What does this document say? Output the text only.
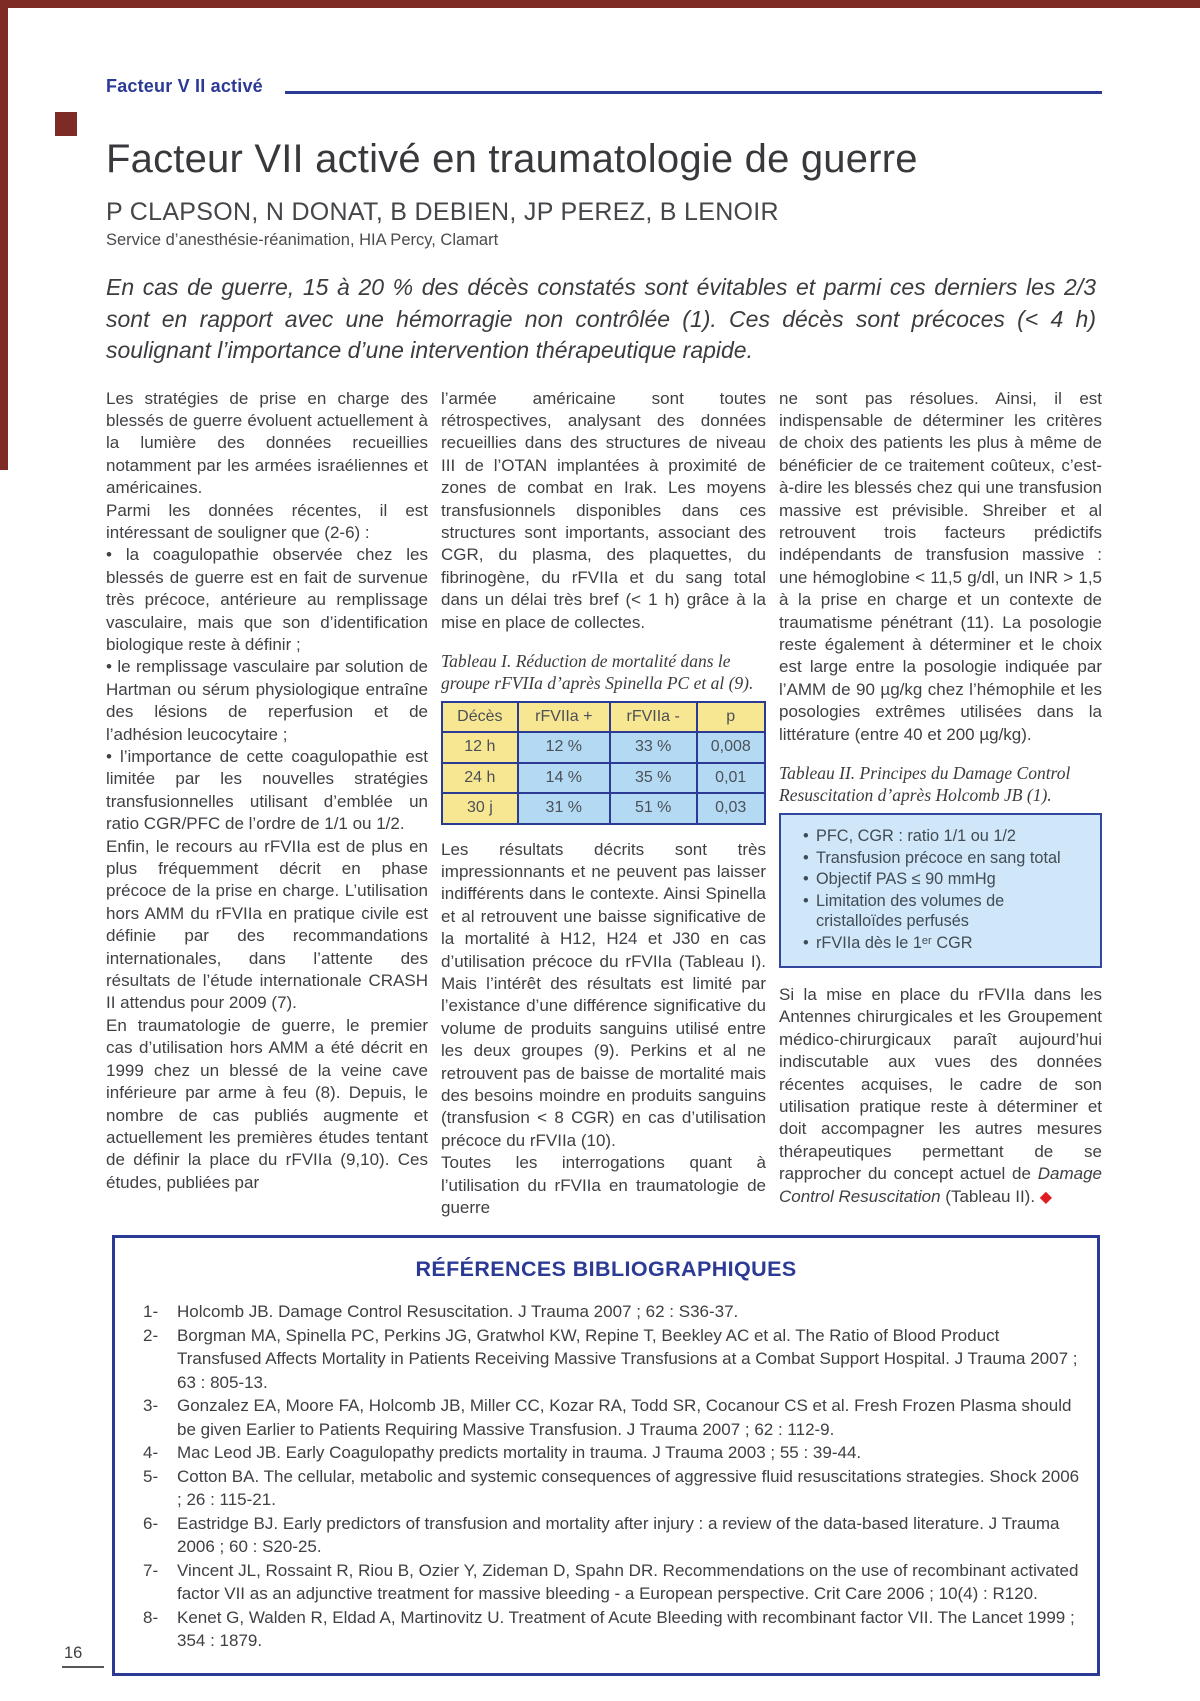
Facteur V II activé
Facteur VII activé en traumatologie de guerre
P CLAPSON, N DONAT, B DEBIEN, JP PEREZ, B LENOIR
Service d’anesthésie-réanimation, HIA Percy, Clamart
En cas de guerre, 15 à 20 % des décès constatés sont évitables et parmi ces derniers les 2/3 sont en rapport avec une hémorragie non contrôlée (1). Ces décès sont précoces (< 4 h) soulignant l’importance d’une intervention thérapeutique rapide.

Les stratégies de prise en charge des blessés de guerre évoluent actuellement à la lumière des données recueillies notamment par les armées israéliennes et américaines.

Parmi les données récentes, il est intéressant de souligner que (2-6) :

• la coagulopathie observée chez les blessés de guerre est en fait de survenue très précoce, antérieure au remplissage vasculaire, mais que son d’identification biologique reste à définir ;

• le remplissage vasculaire par solution de Hartman ou sérum physiologique entraîne des lésions de reperfusion et de l’adhésion leucocytaire ;

• l’importance de cette coagulopathie est limitée par les nouvelles stratégies transfusionnelles utilisant d’emblée un ratio CGR/PFC de l’ordre de 1/1 ou 1/2.

Enfin, le recours au rFVIIa est de plus en plus fréquemment décrit en phase précoce de la prise en charge. L’utilisation hors AMM du rFVIIa en pratique civile est définie par des recommandations internationales, dans l’attente des résultats de l’étude internationale CRASH II attendus pour 2009 (7).

En traumatologie de guerre, le premier cas d’utilisation hors AMM a été décrit en 1999 chez un blessé de la veine cave inférieure par arme à feu (8). Depuis, le nombre de cas publiés augmente et actuellement les premières études tentant de définir la place du rFVIIa (9,10). Ces études, publiées par

l’armée américaine sont toutes rétrospectives, analysant des données recueillies dans des structures de niveau III de l’OTAN implantées à proximité de zones de combat en Irak. Les moyens transfusionnels disponibles dans ces structures sont importants, associant des CGR, du plasma, des plaquettes, du fibrinogène, du rFVIIa et du sang total dans un délai très bref (< 1 h) grâce à la mise en place de collectes.

Tableau I. Réduction de mortalité dans le groupe rFVIIa d’après Spinella PC et al (9).
Décès	rFVIIa +	rFVIIa -	p
12 h	12 %	33 %	0,008
24 h	14 %	35 %	0,01
30 j	31 %	51 %	0,03

Les résultats décrits sont très impressionnants et ne peuvent pas laisser indifférents dans le contexte. Ainsi Spinella et al retrouvent une baisse significative de la mortalité à H12, H24 et J30 en cas d’utilisation précoce du rFVIIa (Tableau I). Mais l’intérêt des résultats est limité par l’existance d’une différence significative du volume de produits sanguins utilisé entre les deux groupes (9). Perkins et al ne retrouvent pas de baisse de mortalité mais des besoins moindre en produits sanguins (transfusion < 8 CGR) en cas d’utilisation précoce du rFVIIa (10).

Toutes les interrogations quant à l’utilisation du rFVIIa en traumatologie de guerre

ne sont pas résolues. Ainsi, il est indispensable de déterminer les critères de choix des patients les plus à même de bénéficier de ce traitement coûteux, c’est-à-dire les blessés chez qui une transfusion massive est prévisible. Shreiber et al retrouvent trois facteurs prédictifs indépendants de transfusion massive : une hémoglobine < 11,5 g/dl, un INR > 1,5 à la prise en charge et un contexte de traumatisme pénétrant (11). La posologie reste également à déterminer et le choix est large entre la posologie indiquée par l’AMM de 90 µg/kg chez l’hémophile et les posologies extrêmes utilisées dans la littérature (entre 40 et 200 µg/kg).

Tableau II. Principes du Damage Control Resuscitation d’après Holcomb JB (1).
• PFC, CGR : ratio 1/1 ou 1/2
• Transfusion précoce en sang total
• Objectif PAS ≤ 90 mmHg
• Limitation des volumes de cristalloïdes perfusés
• rFVIIa dès le 1ᵉʳ CGR

Si la mise en place du rFVIIa dans les Antennes chirurgicales et les Groupement médico-chirurgicaux paraît aujourd’hui indiscutable aux vues des données récentes acquises, le cadre de son utilisation pratique reste à déterminer et doit accompagner les autres mesures thérapeutiques permettant de se rapprocher du concept actuel de Damage Control Resuscitation (Tableau II). ◆

RÉFÉRENCES BIBLIOGRAPHIQUES

1- Holcomb JB. Damage Control Resuscitation. J Trauma 2007 ; 62 : S36-37.

2- Borgman MA, Spinella PC, Perkins JG, Gratwhol KW, Repine T, Beekley AC et al. The Ratio of Blood Product Transfused Affects Mortality in Patients Receiving Massive Transfusions at a Combat Support Hospital. J Trauma 2007 ; 63 : 805-13.

3- Gonzalez EA, Moore FA, Holcomb JB, Miller CC, Kozar RA, Todd SR, Cocanour CS et al. Fresh Frozen Plasma should be given Earlier to Patients Requiring Massive Transfusion. J Trauma 2007 ; 62 : 112-9.

4- Mac Leod JB. Early Coagulopathy predicts mortality in trauma. J Trauma 2003 ; 55 : 39-44.

5- Cotton BA. The cellular, metabolic and systemic consequences of aggressive fluid resuscitations strategies. Shock 2006 ; 26 : 115-21.

6- Eastridge BJ. Early predictors of transfusion and mortality after injury : a review of the data-based literature. J Trauma 2006 ; 60 : S20-25.

7- Vincent JL, Rossaint R, Riou B, Ozier Y, Zideman D, Spahn DR. Recommendations on the use of recombinant activated factor VII as an adjunctive treatment for massive bleeding - a European perspective. Crit Care 2006 ; 10(4) : R120.

8- Kenet G, Walden R, Eldad A, Martinovitz U. Treatment of Acute Bleeding with recombinant factor VII. The Lancet 1999 ; 354 : 1879.

16
